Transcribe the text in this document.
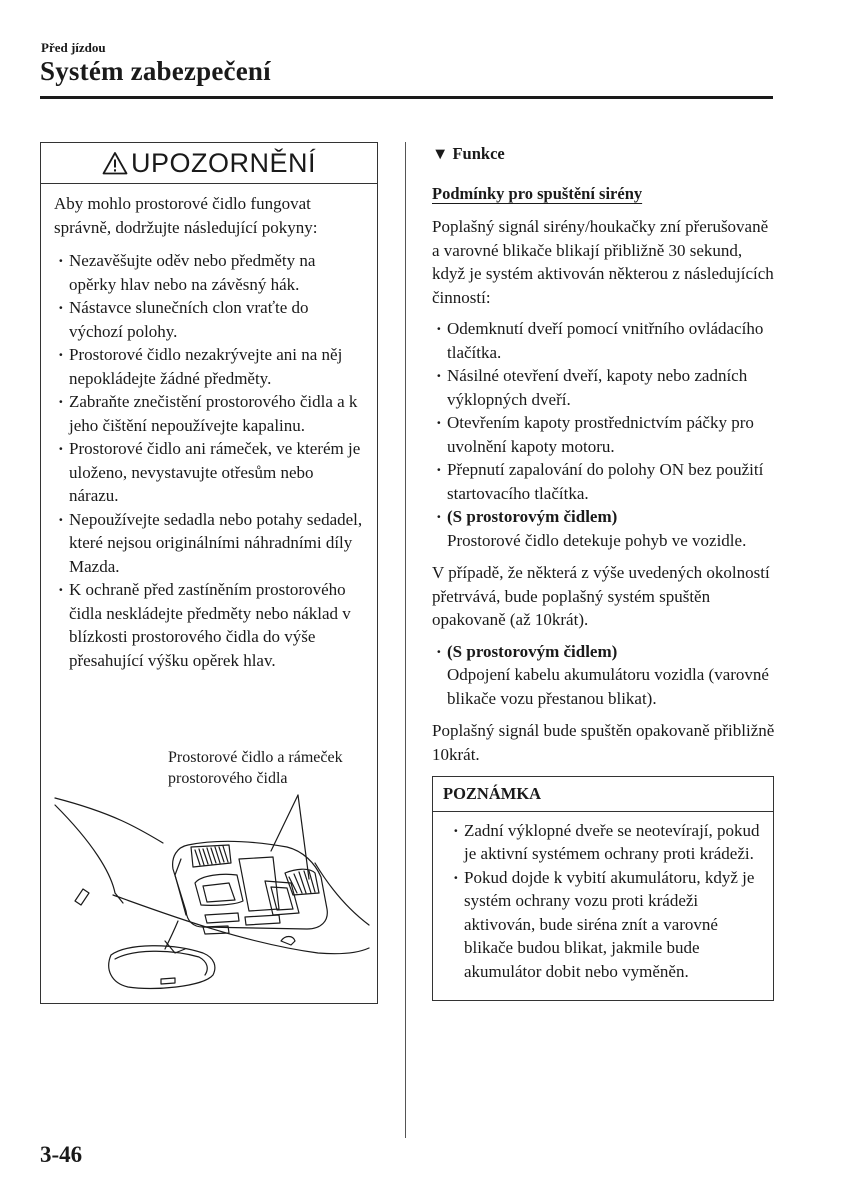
Před jízdou
Systém zabezpečení
UPOZORNĚNÍ

Aby mohlo prostorové čidlo fungovat správně, dodržujte následující pokyny:

· Nezavěšujte oděv nebo předměty na opěrky hlav nebo na závěsný hák.
· Nástavce slunečních clon vraťte do výchozí polohy.
· Prostorové čidlo nezakrývejte ani na něj nepokládejte žádné předměty.
· Zabraňte znečistění prostorového čidla a k jeho čištění nepoužívejte kapalinu.
· Prostorové čidlo ani rámeček, ve kterém je uloženo, nevystavujte otřesům nebo nárazu.
· Nepoužívejte sedadla nebo potahy sedadel, které nejsou originálními náhradními díly Mazda.
· K ochraně před zastíněním prostorového čidla neskládejte předměty nebo náklad v blízkosti prostorového čidla do výše přesahující výšku opěrek hlav.
Prostorové čidlo a rámeček
prostorového čidla
▼ Funkce
Podmínky pro spuštění sirény

Poplašný signál sirény/houkačky zní přerušovaně a varovné blikače blikají přibližně 30 sekund, když je systém aktivován některou z následujících činností:

· Odemknutí dveří pomocí vnitřního ovládacího tlačítka.
· Násilné otevření dveří, kapoty nebo zadních výklopných dveří.
· Otevřením kapoty prostřednictvím páčky pro uvolnění kapoty motoru.
· Přepnutí zapalování do polohy ON bez použití startovacího tlačítka.
· (S prostorovým čidlem)
Prostorové čidlo detekuje pohyb ve vozidle.

V případě, že některá z výše uvedených okolností přetrvává, bude poplašný systém spuštěn opakovaně (až 10krát).

· (S prostorovým čidlem)
Odpojení kabelu akumulátoru vozidla (varovné blikače vozu přestanou blikat).

Poplašný signál bude spuštěn opakovaně přibližně 10krát.

POZNÁMKA
· Zadní výklopné dveře se neotevírají, pokud je aktivní systémem ochrany proti krádeži.
· Pokud dojde k vybití akumulátoru, když je systém ochrany vozu proti krádeži aktivován, bude siréna znít a varovné blikače budou blikat, jakmile bude akumulátor dobit nebo vyměněn.
3-46
